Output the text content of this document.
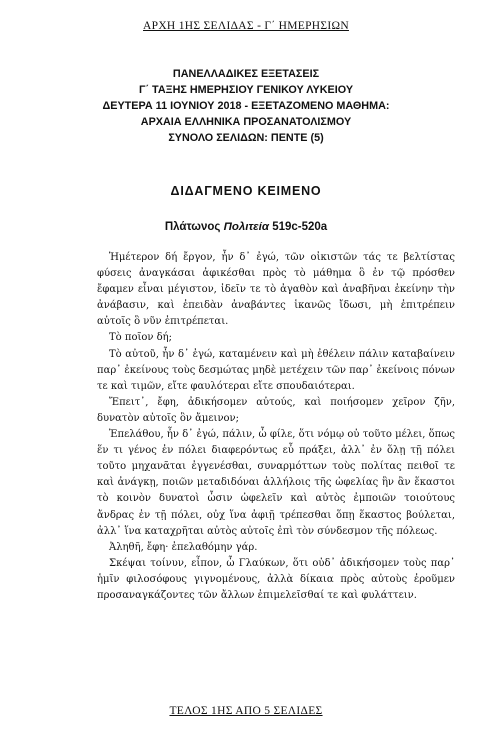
ΑΡΧΗ 1ΗΣ ΣΕΛΙΔΑΣ - Γ΄ ΗΜΕΡΗΣΙΩΝ
ΠΑΝΕΛΛΑΔΙΚΕΣ ΕΞΕΤΑΣΕΙΣ
Γ΄ ΤΑΞΗΣ ΗΜΕΡΗΣΙΟΥ ΓΕΝΙΚΟΥ ΛΥΚΕΙΟΥ
ΔΕΥΤΕΡΑ 11 ΙΟΥΝΙΟΥ 2018 - ΕΞΕΤΑΖΟΜΕΝΟ ΜΑΘΗΜΑ:
ΑΡΧΑΙΑ ΕΛΛΗΝΙΚΑ ΠΡΟΣΑΝΑΤΟΛΙΣΜΟΥ
ΣΥΝΟΛΟ ΣΕΛΙΔΩΝ: ΠΕΝΤΕ (5)
ΔΙΔΑΓΜΕΝΟ ΚΕΙΜΕΝΟ
Πλάτωνος Πολιτεία 519c-520a

Ἡμέτερον δή ἔργον, ἦν δ᾽ ἐγώ, τῶν οἰκιστῶν τάς τε βελτίστας φύσεις ἀναγκάσαι ἀφικέσθαι πρὸς τὸ μάθημα ὃ ἐν τῷ πρόσθεν ἔφαμεν εἶναι μέγιστον, ἰδεῖν τε τὸ ἀγαθὸν καὶ ἀναβῆναι ἐκείνην τὴν ἀνάβασιν, καὶ ἐπειδὰν ἀναβάντες ἱκανῶς ἴδωσι, μὴ ἐπιτρέπειν αὐτοῖς ὃ νῦν ἐπιτρέπεται.

Τὸ ποῖον δή;

Τὸ αὐτοῦ, ἦν δ᾽ ἐγώ, καταμένειν καὶ μὴ ἐθέλειν πάλιν καταβαίνειν παρ᾽ ἐκείνους τοὺς δεσμώτας μηδὲ μετέχειν τῶν παρ᾽ ἐκείνοις πόνων τε καὶ τιμῶν, εἴτε φαυλότεραι εἴτε σπουδαιότεραι.

Ἔπειτ᾽, ἔφη, ἀδικήσομεν αὐτούς, καὶ ποιήσομεν χεῖρον ζῆν, δυνατὸν αὐτοῖς ὂν ἄμεινον;

Ἐπελάθου, ἦν δ᾽ ἐγώ, πάλιν, ὦ φίλε, ὅτι νόμῳ οὐ τοῦτο μέλει, ὅπως ἕν τι γένος ἐν πόλει διαφερόντως εὖ πράξει, ἀλλ᾽ ἐν ὅλῃ τῇ πόλει τοῦτο μηχανᾶται ἐγγενέσθαι, συναρμόττων τοὺς πολίτας πειθοῖ τε καὶ ἀνάγκῃ, ποιῶν μεταδιδόναι ἀλλήλοις τῆς ὠφελίας ἣν ἂν ἕκαστοι τὸ κοινὸν δυνατοὶ ὦσιν ὠφελεῖν καὶ αὐτὸς ἐμποιῶν τοιούτους ἄνδρας ἐν τῇ πόλει, οὐχ ἵνα ἀφιῇ τρέπεσθαι ὅπῃ ἕκαστος βούλεται, ἀλλ᾽ ἵνα καταχρῆται αὐτὸς αὐτοῖς ἐπὶ τὸν σύνδεσμον τῆς πόλεως.

Ἀληθῆ, ἔφη· ἐπελαθόμην γάρ.

Σκέψαι τοίνυν, εἶπον, ὦ Γλαύκων, ὅτι οὐδ᾽ ἀδικήσομεν τοὺς παρ᾽ ἡμῖν φιλοσόφους γιγνομένους, ἀλλὰ δίκαια πρὸς αὐτοὺς ἐροῦμεν προσαναγκάζοντες τῶν ἄλλων ἐπιμελεῖσθαί τε καὶ φυλάττειν.

ΤΕΛΟΣ 1ΗΣ ΑΠΟ 5 ΣΕΛΙΔΕΣ
